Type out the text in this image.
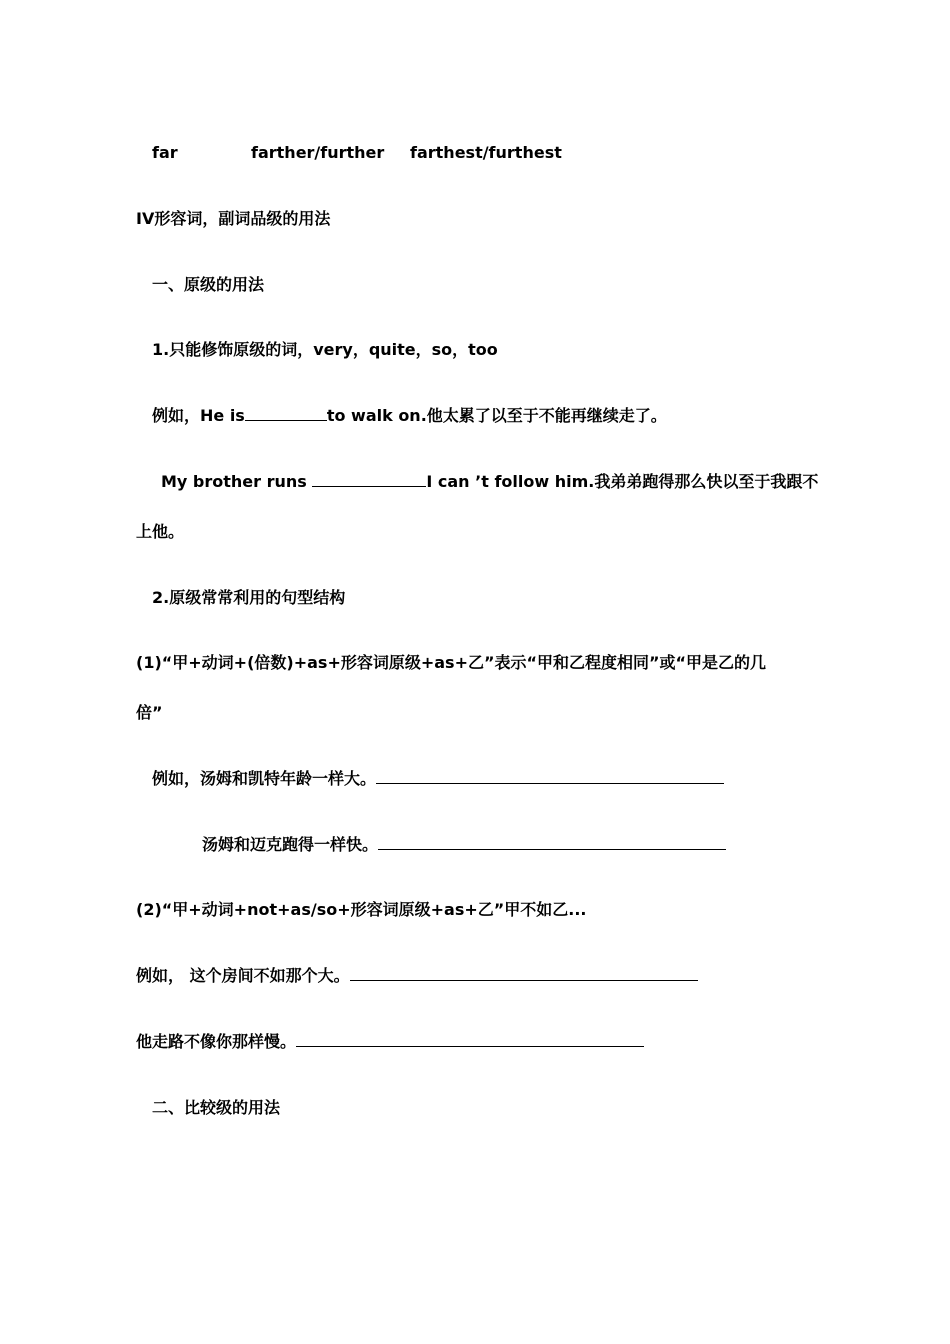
far	farther/further farthest/furthest
IV形容词，副词品级的用法
一、原级的用法
1.只能修饰原级的词，very，quite，so，too
例如，He is	to walk on.他太累了以至于不能再继续走了。
My brother runs	I can ’t follow him.我弟弟跑得那么快以至于我跟不
上他。
2.原级常常利用的句型结构
(1)“甲+动词+(倍数)+as+形容词原级+as+乙”表示“甲和乙程度相同”或“甲是乙的几
倍”
例如，汤姆和凯特年龄一样大。
汤姆和迈克跑得一样快。
(2)“甲+动词+not+as/so+形容词原级+as+乙”甲不如乙...
例如， 这个房间不如那个大。
他走路不像你那样慢。
二、比较级的用法
